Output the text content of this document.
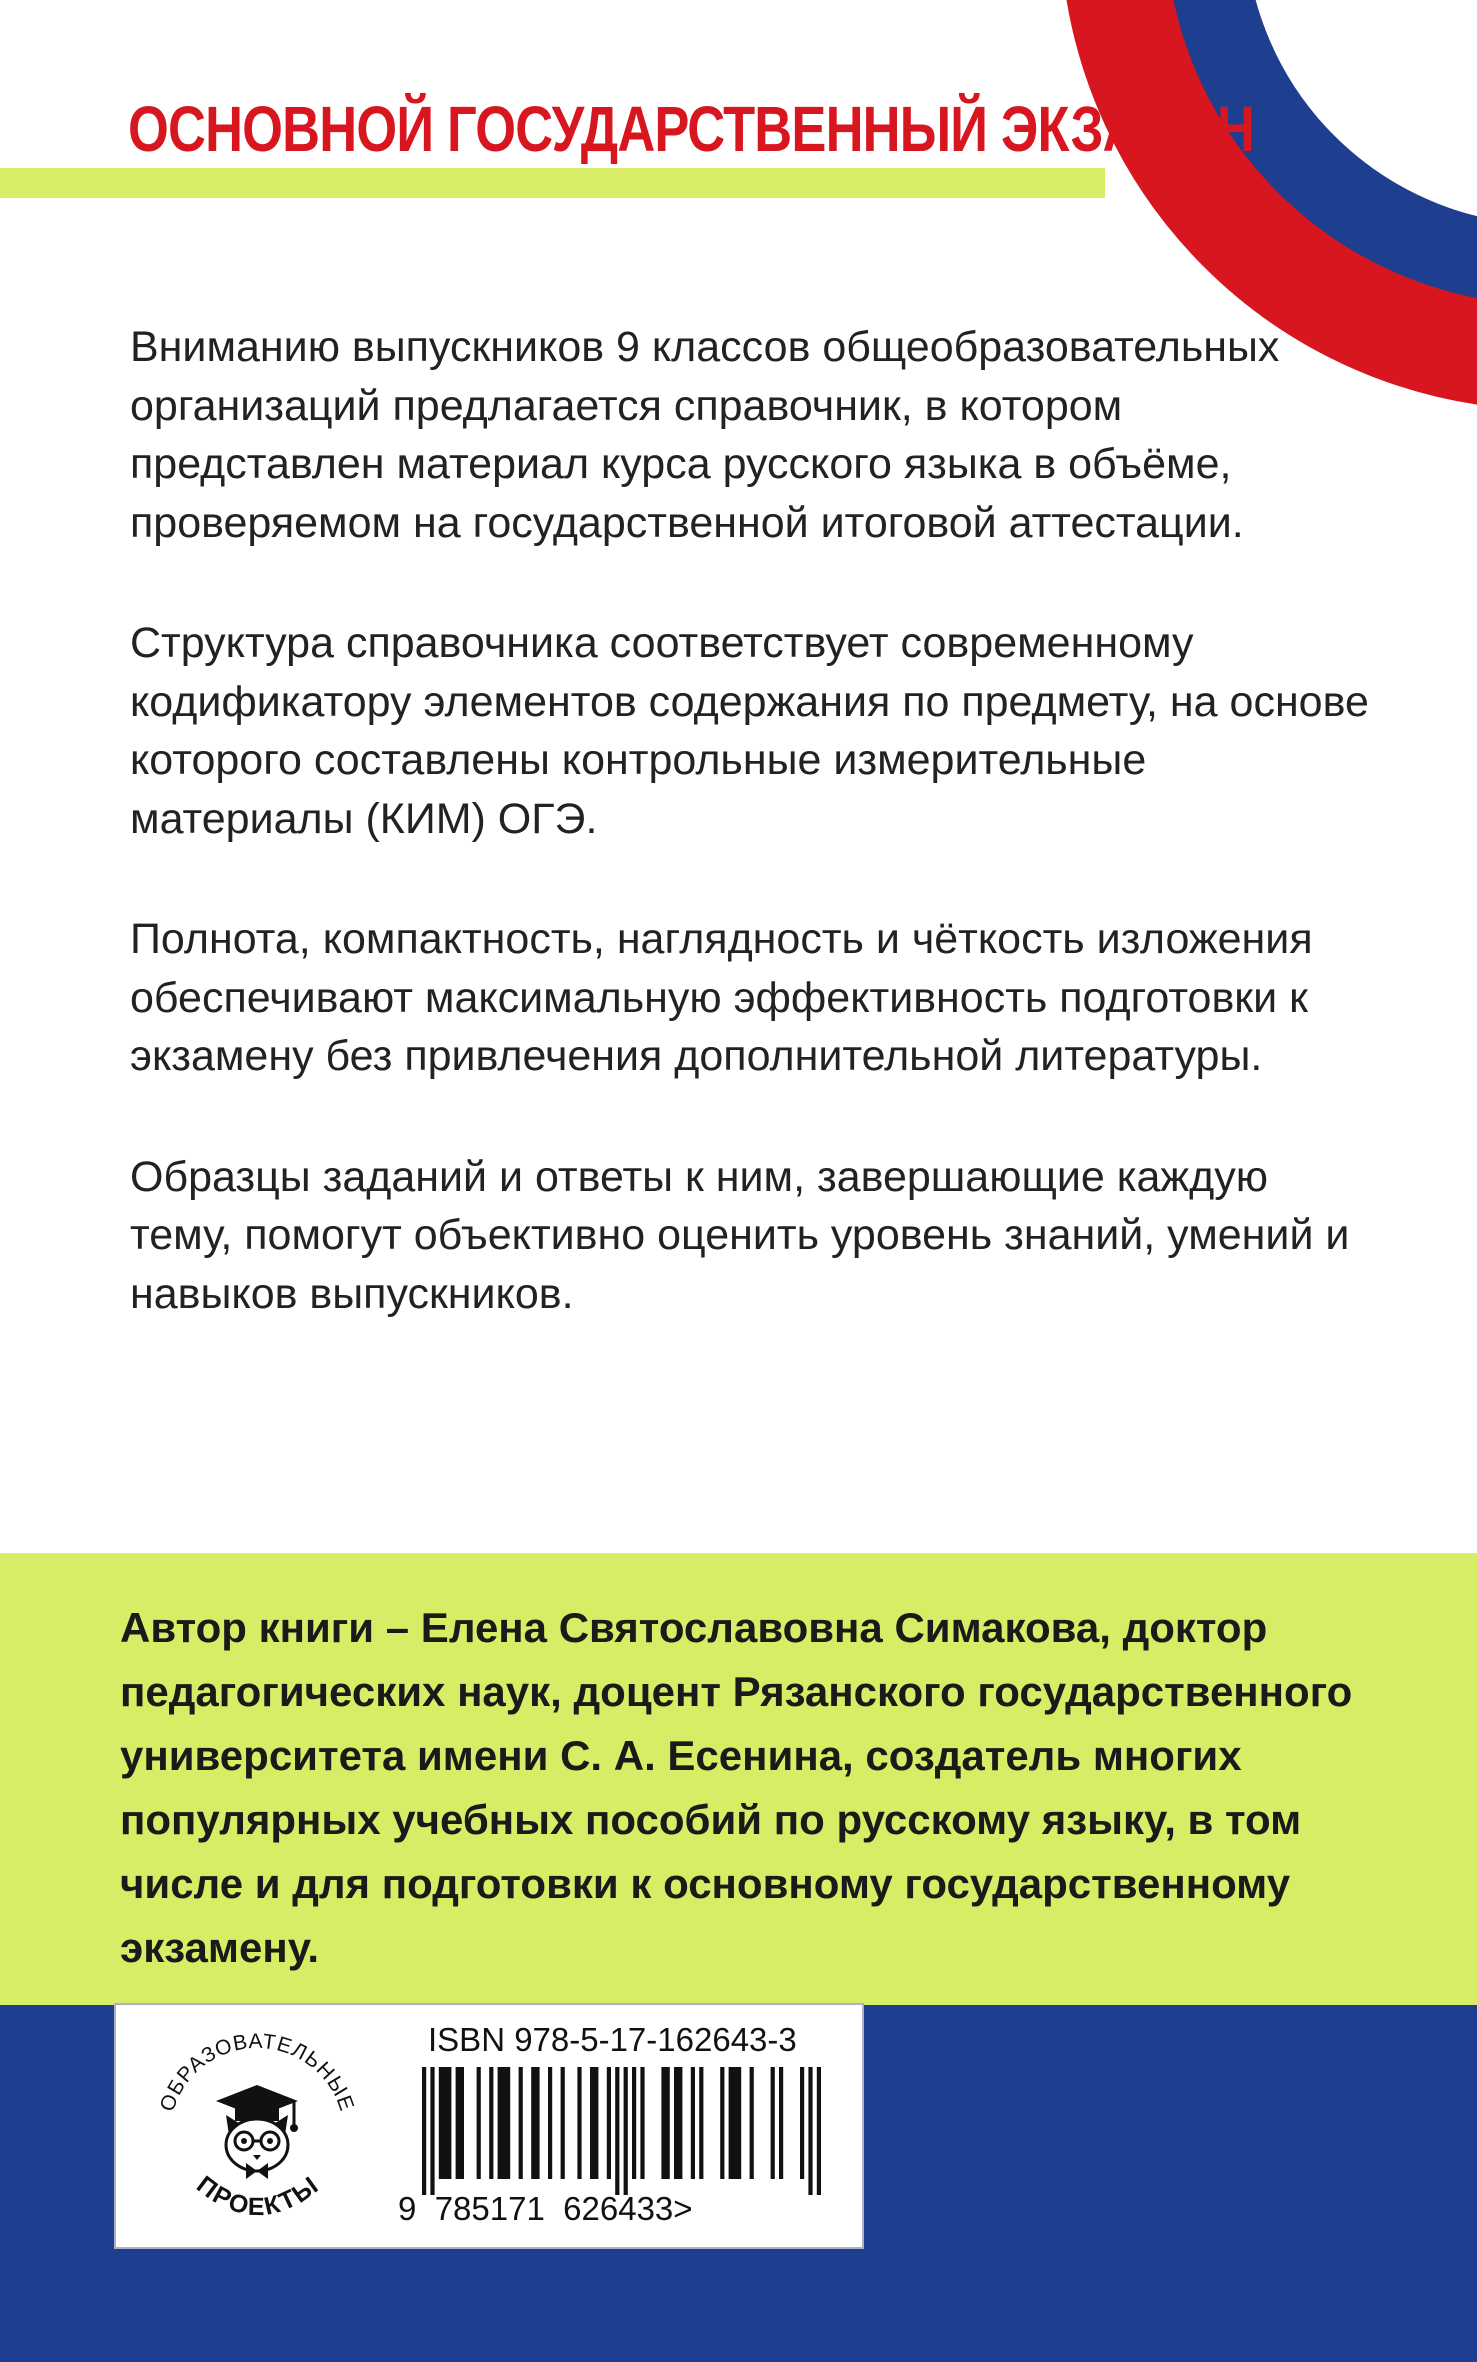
ОСНОВНОЙ ГОСУДАРСТВЕННЫЙ ЭКЗАМЕН

Вниманию выпускников 9 классов общеобразовательных организаций предлагается справочник, в котором представлен материал курса русского языка в объёме, проверяемом на государственной итоговой аттестации.

Структура справочника соответствует современному кодификатору элементов содержания по предмету, на основе которого составлены контрольные измерительные материалы (КИМ) ОГЭ.

Полнота, компактность, наглядность и чёткость изложения обеспечивают максимальную эффективность подготовки к экзамену без привлечения дополнительной литературы.

Образцы заданий и ответы к ним, завершающие каждую тему, помогут объективно оценить уровень знаний, умений и навыков выпускников.

Автор книги – Елена Святославовна Симакова, доктор педагогических наук, доцент Рязанского государственного университета имени С. А. Есенина, создатель многих популярных учебных пособий по русскому языку, в том числе и для подготовки к основному государственному экзамену.

ОБРАЗОВАТЕЛЬНЫЕ
ПРОЕКТЫ

ISBN 978-5-17-162643-3

9 785171 626433>
